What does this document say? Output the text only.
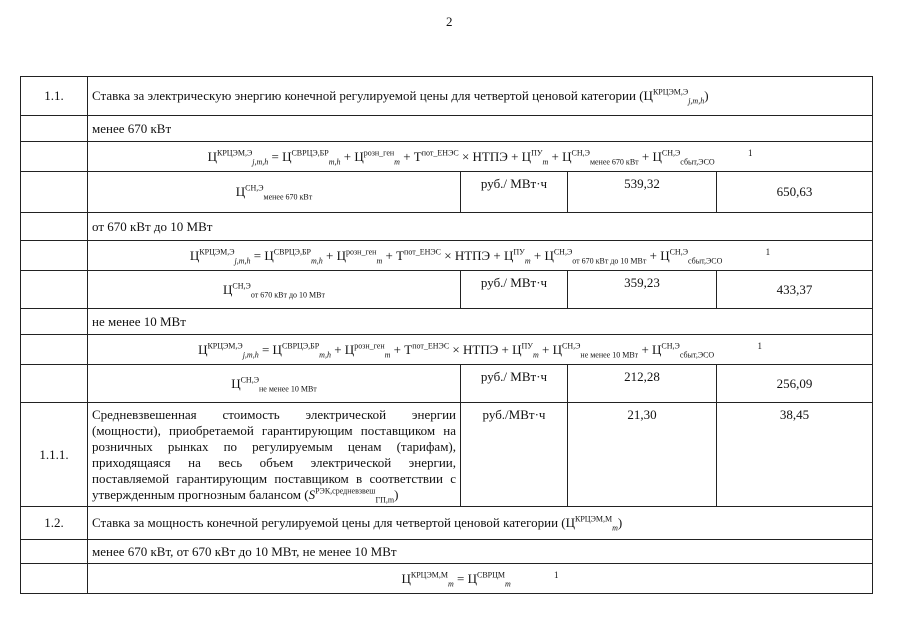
2
1.1.	Ставка за электрическую энергию конечной регулируемой цены для четвертой ценовой категории $(Ц^{КРЦЭМ,Э}_{j,m,h})$			
	менее 670 кВт			
	$Ц^{КРЦЭМ,Э}_{j,m,h} = Ц^{СВРЦЭ,БР}_{m,h} + Ц^{розн\_ген}_m + Т^{пот\_ЕНЭС}$ × НТПЭ + $Ц^{ПУ}_m + Ц^{СН,Э}_{менее 670 кВт} + Ц^{СН,Э}_{сбыт,ЭСО}$ $^1$
	$Ц^{СН,Э}_{менее 670 кВт}$	руб./ МВт·ч	539,32	650,63
	от 670 кВт до 10 МВт			
	$Ц^{КРЦЭМ,Э}_{j,m,h} = Ц^{СВРЦЭ,БР}_{m,h} + Ц^{розн\_ген}_m + Т^{пот\_ЕНЭС}$ × НТПЭ + $Ц^{ПУ}_m + Ц^{СН,Э}_{от 670 кВт до 10 МВт} + Ц^{СН,Э}_{сбыт,ЭСО}$ $^1$
	$Ц^{СН,Э}_{от 670 кВт до 10 МВт}$	руб./ МВт·ч	359,23	433,37
	не менее 10 МВт			
	$Ц^{КРЦЭМ,Э}_{j,m,h} = Ц^{СВРЦЭ,БР}_{m,h} + Ц^{розн\_ген}_m + Т^{пот\_ЕНЭС}$ × НТПЭ + $Ц^{ПУ}_m + Ц^{СН,Э}_{не менее 10 МВт} + Ц^{СН,Э}_{сбыт,ЭСО}$ $^1$
	$Ц^{СН,Э}_{не менее 10 МВт}$	руб./ МВт·ч	212,28	256,09
1.1.1.	Средневзвешенная стоимость электрической энергии (мощности), приобретаемой гарантирующим поставщиком на розничных рынках по регулируемым ценам (тарифам), приходящаяся на весь объем электрической энергии, поставляемой гарантирующим поставщиком в соответствии с утвержденным прогнозным балансом $(S^{РЭК,средневзвеш}_{ГП,m})$	руб./МВт·ч	21,30	38,45
1.2.	Ставка за мощность конечной регулируемой цены для четвертой ценовой категории $(Ц^{КРЦЭМ,М}_m)$			
	менее 670 кВт, от 670 кВт до 10 МВт, не менее 10 МВт			
	$Ц^{КРЦЭМ,М}_m = Ц^{СВРЦМ}_m$ $^1$
